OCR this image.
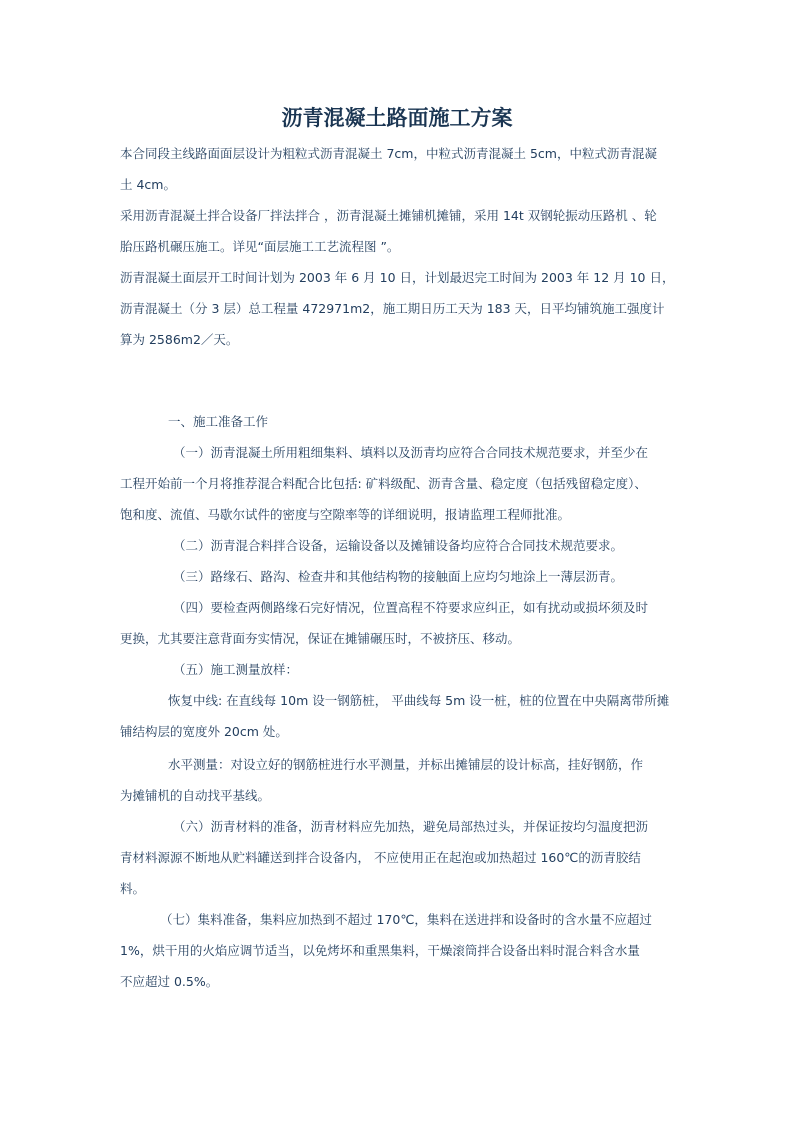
沥青混凝土路面施工方案
本合同段主线路面面层设计为粗粒式沥青混凝土 7cm，中粒式沥青混凝土 5cm，中粒式沥青混凝
土 4cm。
采用沥青混凝土拌合设备厂拌法拌合 ，沥青混凝土摊铺机摊铺，采用 14t 双钢轮振动压路机 、轮
胎压路机碾压施工。详见“面层施工工艺流程图 ”。
沥青混凝土面层开工时间计划为 2003 年 6 月 10 日，计划最迟完工时间为 2003 年 12 月 10 日，
沥青混凝土（分 3 层）总工程量 472971m2，施工期日历工天为 183 天，日平均铺筑施工强度计
算为 2586m2／天。
一、施工准备工作
（一）沥青混凝土所用粗细集料、填料以及沥青均应符合合同技术规范要求，并至少在
工程开始前一个月将推荐混合料配合比包括: 矿料级配、沥青含量、稳定度（包括残留稳定度）、
饱和度、流值、马歇尔试件的密度与空隙率等的详细说明，报请监理工程师批准。
（二）沥青混合料拌合设备，运输设备以及摊铺设备均应符合合同技术规范要求。
（三）路缘石、路沟、检查井和其他结构物的接触面上应均匀地涂上一薄层沥青。
（四）要检查两侧路缘石完好情况，位置高程不符要求应纠正，如有扰动或损坏须及时
更换，尤其要注意背面夯实情况，保证在摊铺碾压时，不被挤压、移动。
（五）施工测量放样：
恢复中线: 在直线每 10m 设一钢筋桩， 平曲线每 5m 设一桩，桩的位置在中央隔离带所摊
铺结构层的宽度外 20cm 处。
水平测量：对设立好的钢筋桩进行水平测量，并标出摊铺层的设计标高，挂好钢筋，作
为摊铺机的自动找平基线。
（六）沥青材料的准备，沥青材料应先加热，避免局部热过头，并保证按均匀温度把沥
青材料源源不断地从贮料罐送到拌合设备内， 不应使用正在起泡或加热超过 160℃的沥青胶结
料。
（七）集料准备，集料应加热到不超过 170℃，集料在送进拌和设备时的含水量不应超过
1%，烘干用的火焰应调节适当，以免烤坏和重黑集料，干燥滚筒拌合设备出料时混合料含水量
不应超过 0.5%。
